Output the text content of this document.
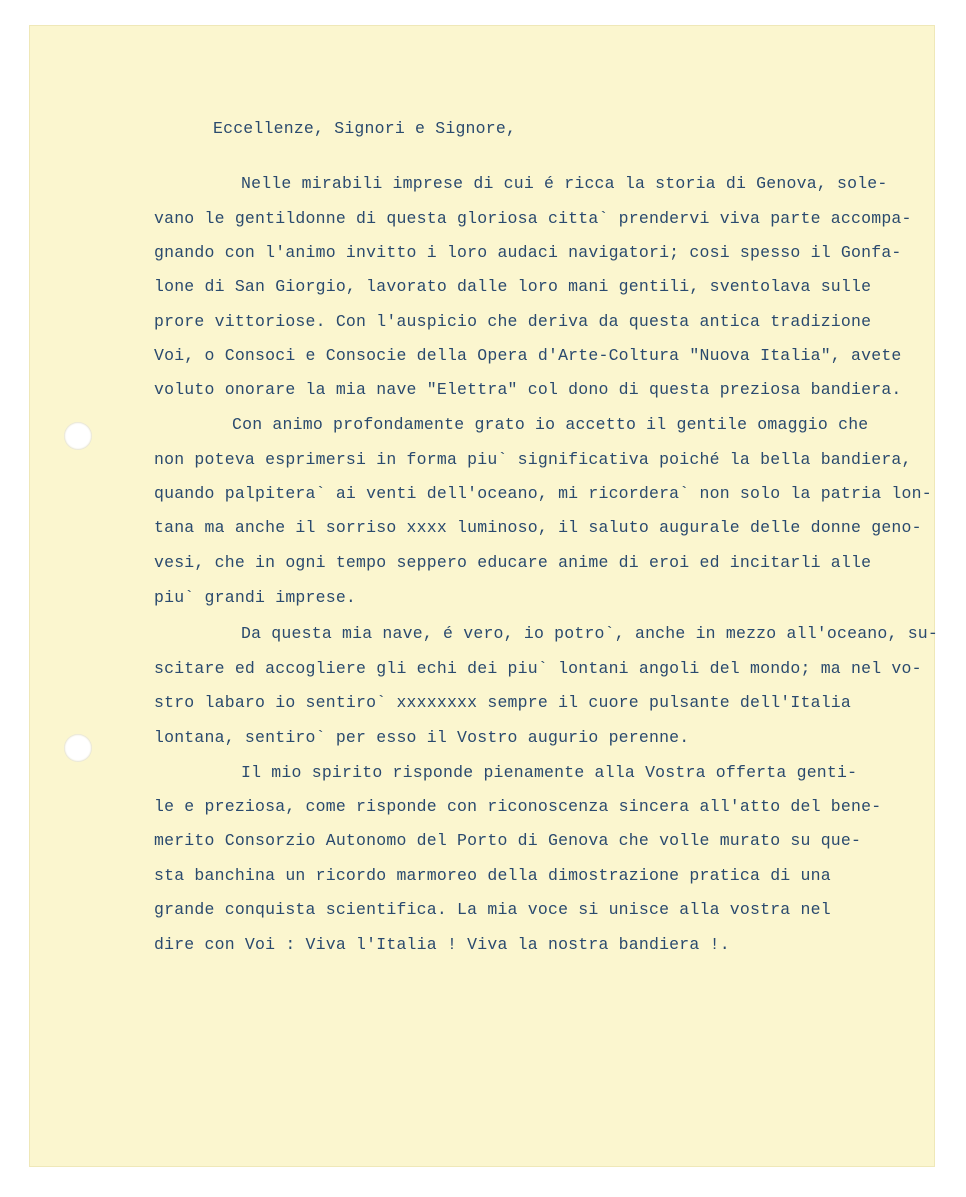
Eccellenze, Signori e Signore,
Nelle mirabili imprese di cui é ricca la storia di Genova, sole-
vano le gentildonne di questa gloriosa citta` prendervi viva parte accompa-
gnando con l'animo invitto i loro audaci navigatori; cosi spesso il Gonfa-
lone di San Giorgio, lavorato dalle loro mani gentili, sventolava sulle
prore vittoriose. Con l'auspicio che deriva da questa antica tradizione
Voi, o Consoci e Consocie della Opera d'Arte-Coltura "Nuova Italia", avete
voluto onorare la mia nave "Elettra" col dono di questa preziosa bandiera.
Con animo profondamente grato io accetto il gentile omaggio che
non poteva esprimersi in forma piu` significativa poiché la bella bandiera,
quando palpitera` ai venti dell'oceano, mi ricordera` non solo la patria lon-
tana ma anche il sorriso xxxx luminoso, il saluto augurale delle donne geno-
vesi, che in ogni tempo seppero educare anime di eroi ed incitarli alle
piu` grandi imprese.
Da questa mia nave, é vero, io potro`, anche in mezzo all'oceano, su-
scitare ed accogliere gli echi dei piu` lontani angoli del mondo; ma nel vo-
stro labaro io sentiro` xxxxxxxx sempre il cuore pulsante dell'Italia
lontana, sentiro` per esso il Vostro augurio perenne.
Il mio spirito risponde pienamente alla Vostra offerta genti-
le e preziosa, come risponde con riconoscenza sincera all'atto del bene-
merito Consorzio Autonomo del Porto di Genova che volle murato su que-
sta banchina un ricordo marmoreo della dimostrazione pratica di una
grande conquista scientifica. La mia voce si unisce alla vostra nel
dire con Voi : Viva l'Italia ! Viva la nostra bandiera !.
